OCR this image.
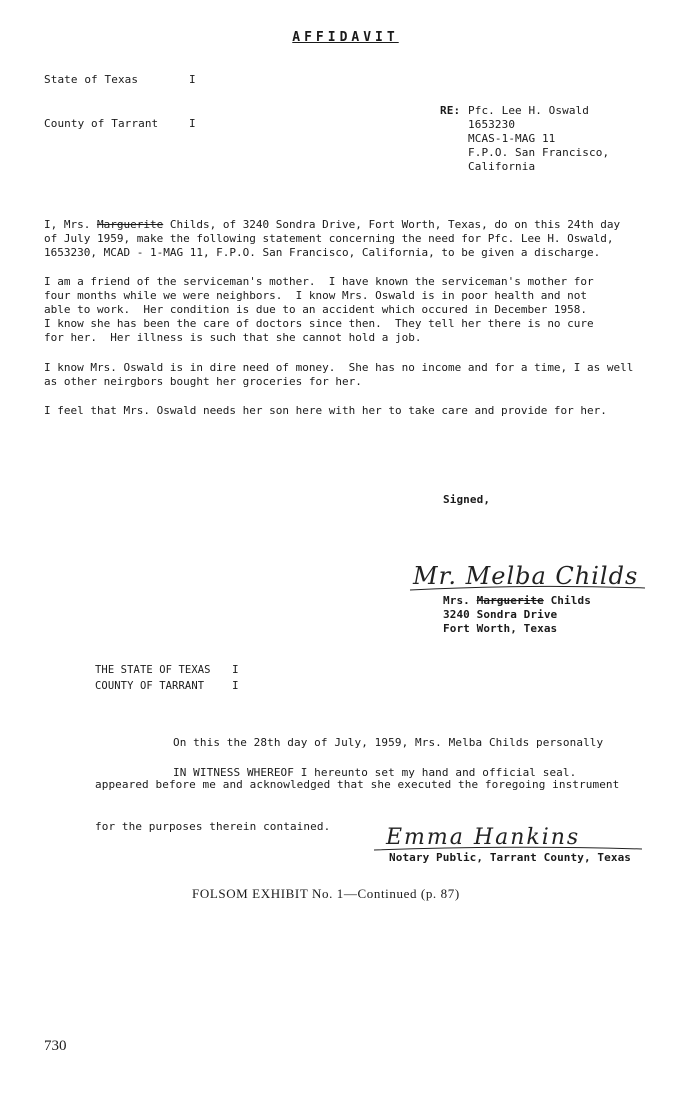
AFFIDAVIT
State of Texas	I
County of Tarrant	I
RE: Pfc. Lee H. Oswald
1653230
MCAS-1-MAG 11
F.P.O. San Francisco,
California
I, Mrs. Marguerite Childs, of 3240 Sondra Drive, Fort Worth, Texas, do on this 24th day
of July 1959, make the following statement concerning the need for Pfc. Lee H. Oswald,
1653230, MCAD - 1-MAG 11, F.P.O. San Francisco, California, to be given a discharge.
I am a friend of the serviceman's mother.  I have known the serviceman's mother for
four months while we were neighbors.  I know Mrs. Oswald is in poor health and not
able to work.  Her condition is due to an accident which occured in December 1958.
I know she has been the care of doctors since then.  They tell her there is no cure
for her.  Her illness is such that she cannot hold a job.
I know Mrs. Oswald is in dire need of money.  She has no income and for a time, I as well
as other neirgbors bought her groceries for her.
I feel that Mrs. Oswald needs her son here with her to take care and provide for her.
Signed,
Mr. Melba Childs
Mrs. Marguerite Childs
3240 Sondra Drive
Fort Worth, Texas
THE STATE OF TEXAS I
COUNTY OF TARRANT	I

On this the 28th day of July, 1959, Mrs. Melba Childs personally

appeared before me and acknowledged that she executed the foregoing instrument

for the purposes therein contained.

IN WITNESS WHEREOF I hereunto set my hand and official seal.
Emma Hankins
Notary Public, Tarrant County, Texas
FOLSOM EXHIBIT No. 1—Continued (p. 87)
730
